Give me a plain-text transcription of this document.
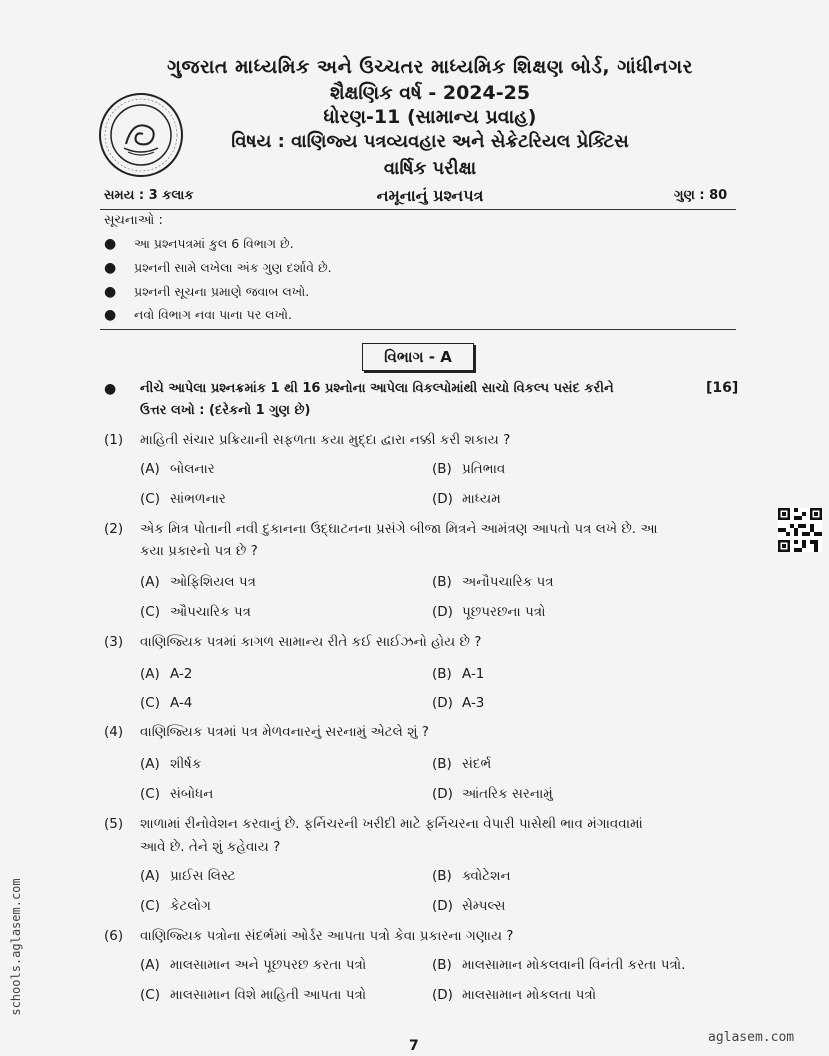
ગુજરાત માધ્યમિક અને ઉચ્ચતર માધ્યમિક શિક્ષણ બોર્ડ, ગાંધીનગર
શૈક્ષણિક વર્ષ - 2024-25
ધોરણ-11 (સામાન્ય પ્રવાહ)
વિષય : વાણિજ્ય પત્રવ્યવહાર અને સેક્રેટરિયલ પ્રેક્ટિસ
વાર્ષિક પરીક્ષા
સમય : 3 કલાક	નમૂનાનું પ્રશ્નપત્ર	ગુણ : 80
સૂચનાઓ :
● આ પ્રશ્નપત્રમાં કુલ 6 વિભાગ છે.
● પ્રશ્નની સામે લખેલા અંક ગુણ દર્શાવે છે.
● પ્રશ્નની સૂચના પ્રમાણે જવાબ લખો.
● નવો વિભાગ નવા પાના પર લખો.
વિભાગ - A
● નીચે આપેલા પ્રશ્નક્રમાંક 1 થી 16 પ્રશ્નોના આપેલા વિકલ્પોમાંથી સાચો વિકલ્પ પસંદ કરીને
ઉત્તર લખો : (દરેકનો 1 ગુણ છે)
[16]
(1) માહિતી સંચાર પ્રક્રિયાની સફળતા કયા મુદ્દા દ્વારા નક્કી કરી શકાય ?
(A) બોલનાર	(B) પ્રતિભાવ
(C) સાંભળનાર	(D) માધ્યમ
(2) એક મિત્ર પોતાની નવી દુકાનના ઉદ્ઘાટનના પ્રસંગે બીજા મિત્રને આમંત્રણ આપતો પત્ર લખે છે. આ
કયા પ્રકારનો પત્ર છે ?
(A) ઓફિશિયલ પત્ર	(B) અનૌપચારિક પત્ર
(C) ઔપચારિક પત્ર	(D) પૂછપરછના પત્રો
(3) વાણિજ્યિક પત્રમાં કાગળ સામાન્ય રીતે કઈ સાઈઝનો હોય છે ?
(A) A-2	(B) A-1
(C) A-4	(D) A-3
(4) વાણિજ્યિક પત્રમાં પત્ર મેળવનારનું સરનામું એટલે શું ?
(A) શીર્ષક	(B) સંદર્ભ
(C) સંબોધન	(D) આંતરિક સરનામું
(5) શાળામાં રીનોવેશન કરવાનું છે. ફર્નિચરની ખરીદી માટે ફર્નિચરના વેપારી પાસેથી ભાવ મંગાવવામાં
આવે છે. તેને શું કહેવાય ?
(A) પ્રાઈસ લિસ્ટ	(B) ક્વોટેશન
(C) કેટલોગ	(D) સેમ્પલ્સ
(6) વાણિજ્યિક પત્રોના સંદર્ભમાં ઓર્ડર આપતા પત્રો કેવા પ્રકારના ગણાય ?
(A) માલસામાન અને પૂછપરછ કરતા પત્રો	(B) માલસામાન મોકલવાની વિનંતી કરતા પત્રો.
(C) માલસામાન વિશે માહિતી આપતા પત્રો	(D) માલસામાન મોકલતા પત્રો
schools.aglasem.com
7
aglasem.com
